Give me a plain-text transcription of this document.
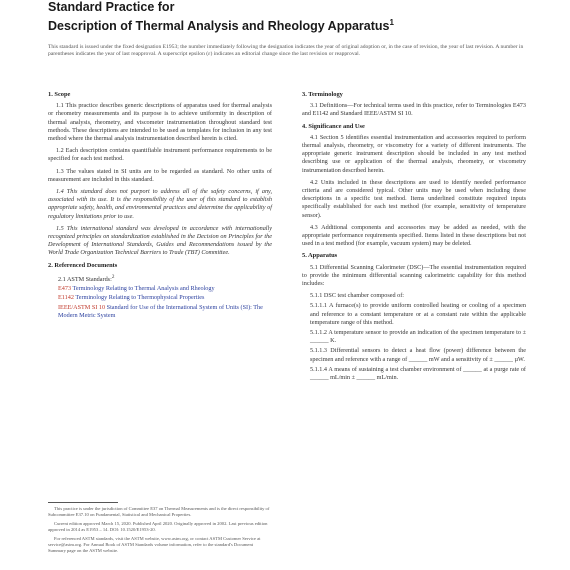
Standard Practice for
Description of Thermal Analysis and Rheology Apparatus$^1$
This standard is issued under the fixed designation E1953; the number immediately following the designation indicates the year of original adoption or, in the case of revision, the year of last revision. A number in parentheses indicates the year of last reapproval. A superscript epsilon (ε) indicates an editorial change since the last revision or reapproval.
1. Scope
1.1 This practice describes generic descriptions of apparatus used for thermal analysis or rheometry measurements and its purpose is to achieve uniformity in description of thermal analysis, rheometry, and viscometer instrumentation throughout standard test methods. These descriptions are intended to be used as templates for inclusion in any test method where the thermal analysis instrumentation described herein is cited.
1.2 Each description contains quantifiable instrument performance requirements to be specified for each test method.
1.3 The values stated in SI units are to be regarded as standard. No other units of measurement are included in this standard.
1.4 This standard does not purport to address all of the safety concerns, if any, associated with its use. It is the responsibility of the user of this standard to establish appropriate safety, health, and environmental practices and determine the applicability of regulatory limitations prior to use.
1.5 This international standard was developed in accordance with internationally recognized principles on standardization established in the Decision on Principles for the Development of International Standards, Guides and Recommendations issued by the World Trade Organization Technical Barriers to Trade (TBT) Committee.
2. Referenced Documents
2.1 ASTM Standards:$^2$
E473 Terminology Relating to Thermal Analysis and Rheology
E1142 Terminology Relating to Thermophysical Properties
IEEE/ASTM SI 10 Standard for Use of the International System of Units (SI): The Modern Metric System
3. Terminology
3.1 Definitions—For technical terms used in this practice, refer to Terminologies E473 and E1142 and Standard IEEE/ASTM SI 10.
4. Significance and Use
4.1 Section 5 identifies essential instrumentation and accessories required to perform thermal analysis, rheometry, or viscometry for a variety of different instruments. The appropriate generic instrument description should be included in any test method describing use or application of the thermal analysis, rheometry, or viscometry instrumentation described herein.
4.2 Units included in these descriptions are used to identify needed performance criteria and are considered typical. Other units may be used when including these descriptions in a specific test method. Items underlined constitute required inputs specifically established for each test method (for example, sensitivity of temperature sensor).
4.3 Additional components and accessories may be added as needed, with the appropriate performance requirements specified. Items listed in these descriptions but not used in a test method (for example, vacuum system) may be deleted.
5. Apparatus
5.1 Differential Scanning Calorimeter (DSC)—The essential instrumentation required to provide the minimum differential scanning calorimetric capability for this method includes:
5.1.1 DSC test chamber composed of:
5.1.1.1 A furnace(s) to provide uniform controlled heating or cooling of a specimen and reference to a constant temperature or at a constant rate within the applicable temperature range of this method.
5.1.1.2 A temperature sensor to provide an indication of the specimen temperature to ± ______ K.
5.1.1.3 Differential sensors to detect a heat flow (power) difference between the specimen and reference with a range of ______ mW and a sensitivity of ± ______ µW.
5.1.1.4 A means of sustaining a test chamber environment of ______ at a purge rate of ______ mL/min ± ______ mL/min.

This practice is under the jurisdiction of Committee E37 on Thermal Measurements and is the direct responsibility of Subcommittee E37.10 on Fundamental, Statistical and Mechanical Properties.

Current edition approved March 15, 2020. Published April 2020. Originally approved in 2002. Last previous edition approved in 2014 as E1953 – 14. DOI: 10.1520/E1953-20.

For referenced ASTM standards, visit the ASTM website, www.astm.org, or contact ASTM Customer Service at service@astm.org. For Annual Book of ASTM Standards volume information, refer to the standard's Document Summary page on the ASTM website.
